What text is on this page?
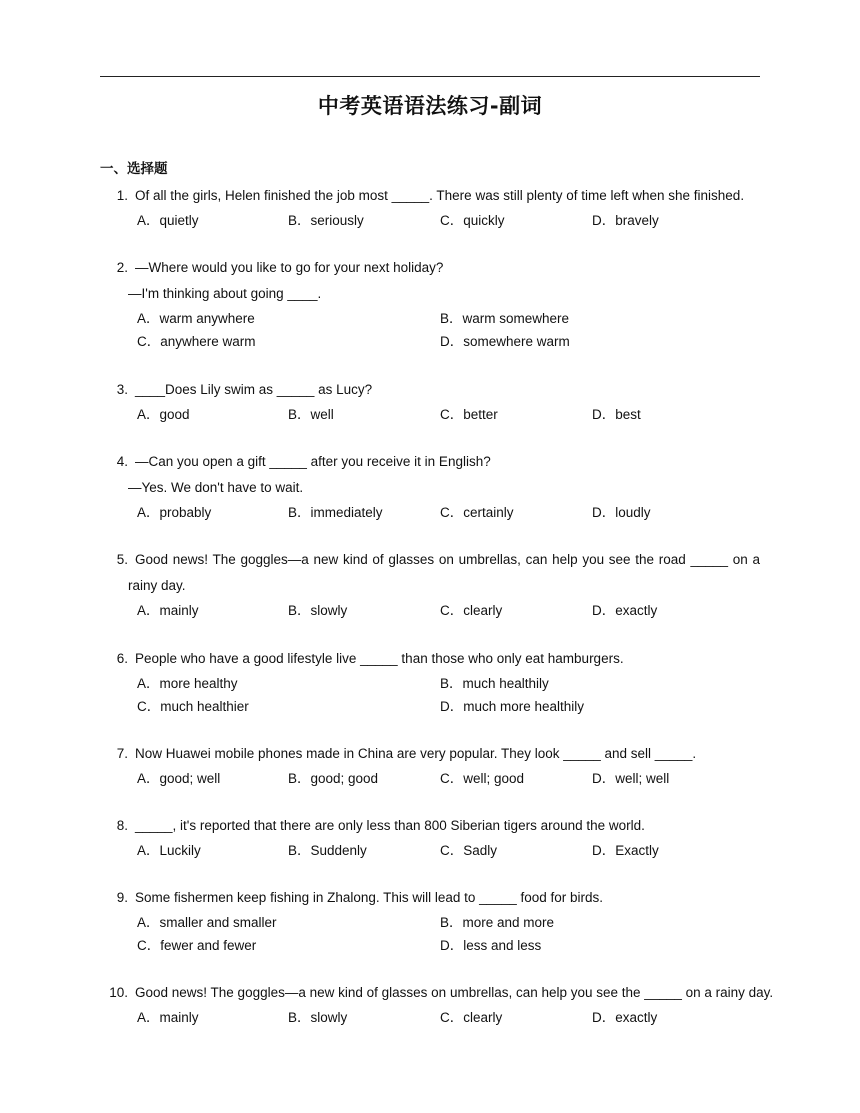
中考英语语法练习-副词
一、选择题
1. Of all the girls, Helen finished the job most _____. There was still plenty of time left when she finished.
A．quietly	B．seriously	C．quickly	D．bravely
2. —Where would you like to go for your next holiday?
—I'm thinking about going ____.
A．warm anywhere	B．warm somewhere
C．anywhere warm	D．somewhere warm
3. ____Does Lily swim as _____ as Lucy?
A．good	B．well	C．better	D．best
4. —Can you open a gift _____ after you receive it in English?
—Yes. We don't have to wait.
A．probably	B．immediately	C．certainly	D．loudly
5. Good news! The goggles—a new kind of glasses on umbrellas, can help you see the road _____ on a
rainy day.
A．mainly	B．slowly	C．clearly	D．exactly
6. People who have a good lifestyle live _____ than those who only eat hamburgers.
A．more healthy	B．much healthily
C．much healthier	D．much more healthily
7. Now Huawei mobile phones made in China are very popular. They look _____ and sell _____.
A．good; well	B．good; good	C．well; good	D．well; well
8. _____, it's reported that there are only less than 800 Siberian tigers around the world.
A．Luckily	B．Suddenly	C．Sadly	D．Exactly
9. Some fishermen keep fishing in Zhalong. This will lead to _____ food for birds.
A．smaller and smaller	B．more and more
C．fewer and fewer	D．less and less
10. Good news! The goggles—a new kind of glasses on umbrellas, can help you see the _____ on a rainy day.
A．mainly	B．slowly	C．clearly	D．exactly
